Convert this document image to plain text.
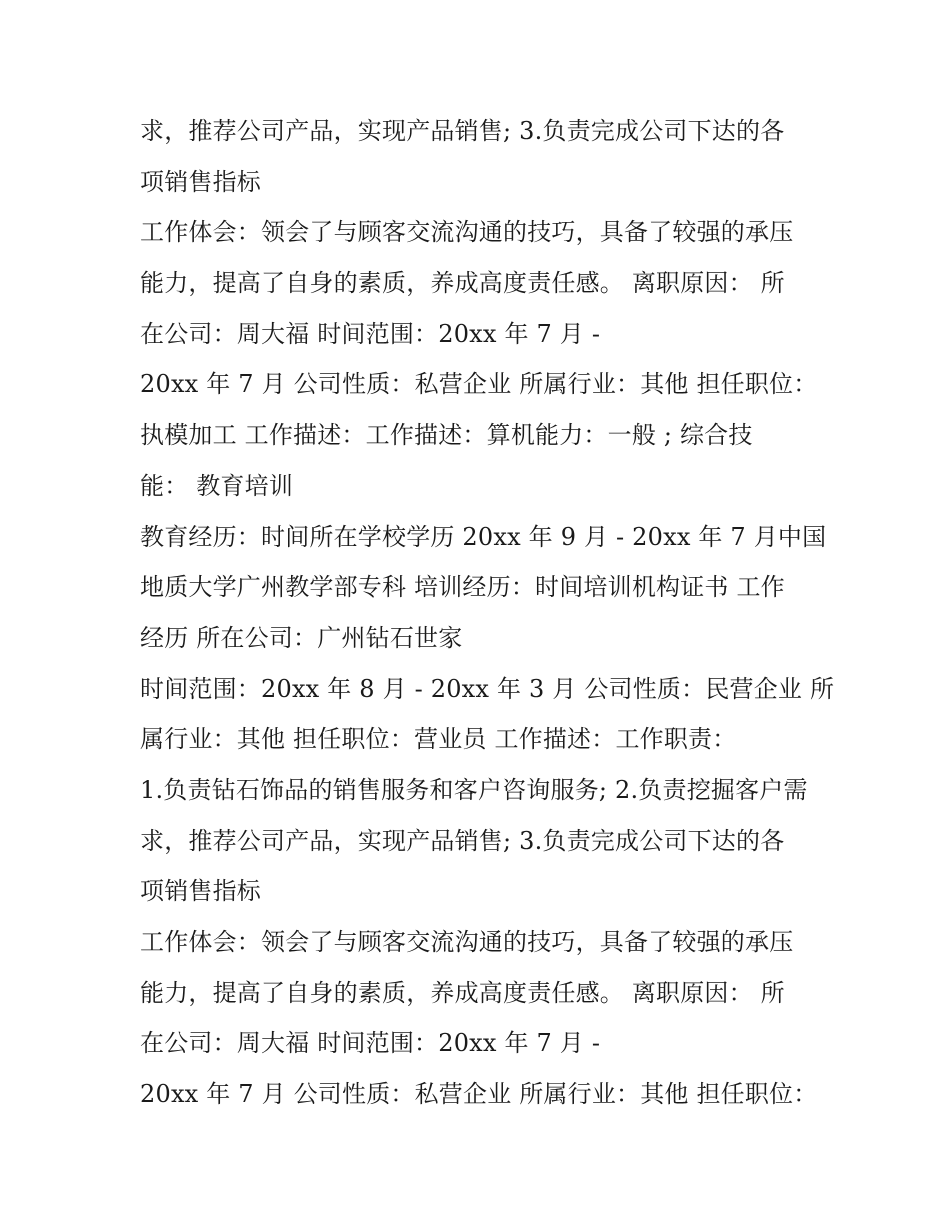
求，推荐公司产品，实现产品销售; 3.负责完成公司下达的各
项销售指标
工作体会：领会了与顾客交流沟通的技巧，具备了较强的承压
能力，提高了自身的素质，养成高度责任感。 离职原因： 所
在公司：周大福 时间范围：20xx 年 7 月 -
20xx 年 7 月 公司性质：私营企业 所属行业：其他 担任职位：
执模加工 工作描述：工作描述：算机能力：一般 ; 综合技
能： 教育培训
教育经历：时间所在学校学历 20xx 年 9 月 - 20xx 年 7 月中国
地质大学广州教学部专科 培训经历：时间培训机构证书 工作
经历 所在公司：广州钻石世家
时间范围：20xx 年 8 月 - 20xx 年 3 月 公司性质：民营企业 所
属行业：其他 担任职位：营业员 工作描述：工作职责：
1.负责钻石饰品的销售服务和客户咨询服务; 2.负责挖掘客户需
求，推荐公司产品，实现产品销售; 3.负责完成公司下达的各
项销售指标
工作体会：领会了与顾客交流沟通的技巧，具备了较强的承压
能力，提高了自身的素质，养成高度责任感。 离职原因： 所
在公司：周大福 时间范围：20xx 年 7 月 -
20xx 年 7 月 公司性质：私营企业 所属行业：其他 担任职位：
